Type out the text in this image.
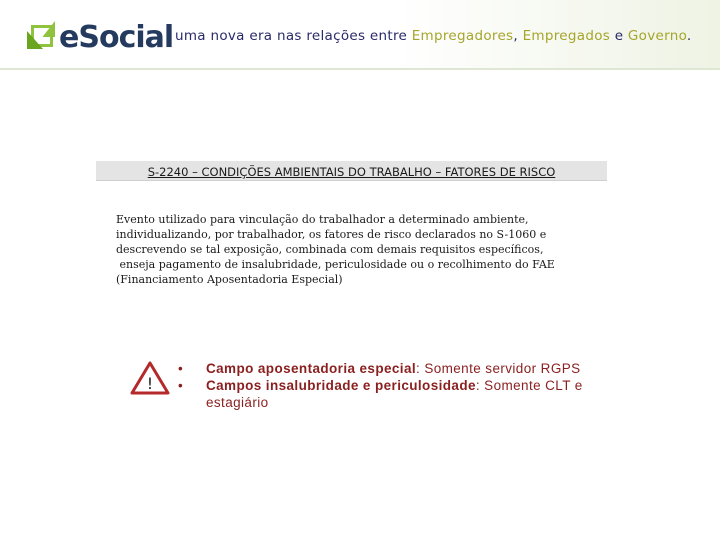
eSocial uma nova era nas relações entre Empregadores, Empregados e Governo.
S-2240 – CONDIÇÕES AMBIENTAIS DO TRABALHO – FATORES DE RISCO
Evento utilizado para vinculação do trabalhador a determinado ambiente,
individualizando, por trabalhador, os fatores de risco declarados no S-1060 e
descrevendo se tal exposição, combinada com demais requisitos específicos,
enseja pagamento de insalubridade, periculosidade ou o recolhimento do FAE
(Financiamento Aposentadoria Especial)
!
• Campo aposentadoria especial: Somente servidor RGPS
• Campos insalubridade e periculosidade: Somente CLT e estagiário
